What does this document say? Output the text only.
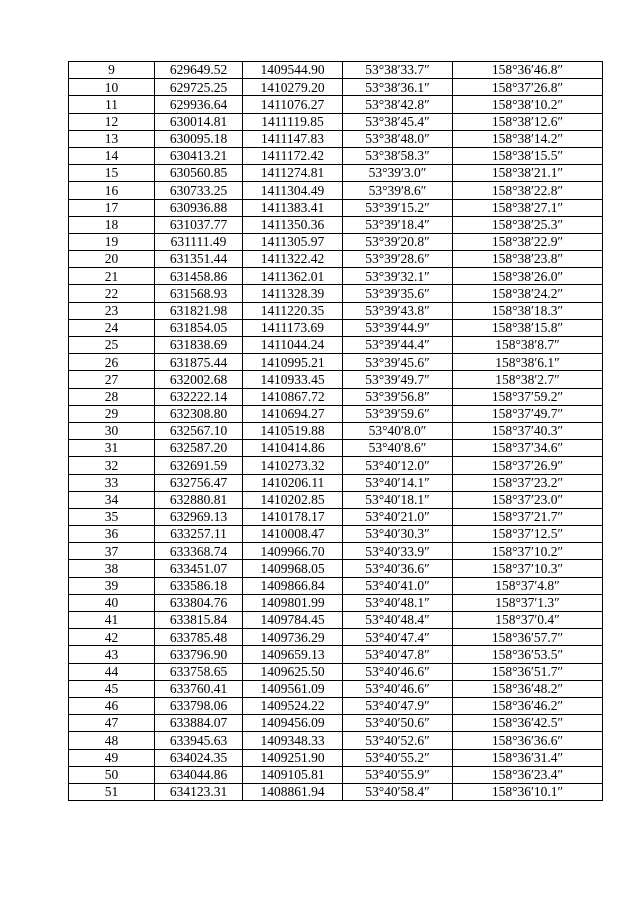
9	629649.52	1409544.90	53°38′33.7″	158°36′46.8″
10	629725.25	1410279.20	53°38′36.1″	158°37′26.8″
11	629936.64	1411076.27	53°38′42.8″	158°38′10.2″
12	630014.81	1411119.85	53°38′45.4″	158°38′12.6″
13	630095.18	1411147.83	53°38′48.0″	158°38′14.2″
14	630413.21	1411172.42	53°38′58.3″	158°38′15.5″
15	630560.85	1411274.81	53°39′3.0″	158°38′21.1″
16	630733.25	1411304.49	53°39′8.6″	158°38′22.8″
17	630936.88	1411383.41	53°39′15.2″	158°38′27.1″
18	631037.77	1411350.36	53°39′18.4″	158°38′25.3″
19	631111.49	1411305.97	53°39′20.8″	158°38′22.9″
20	631351.44	1411322.42	53°39′28.6″	158°38′23.8″
21	631458.86	1411362.01	53°39′32.1″	158°38′26.0″
22	631568.93	1411328.39	53°39′35.6″	158°38′24.2″
23	631821.98	1411220.35	53°39′43.8″	158°38′18.3″
24	631854.05	1411173.69	53°39′44.9″	158°38′15.8″
25	631838.69	1411044.24	53°39′44.4″	158°38′8.7″
26	631875.44	1410995.21	53°39′45.6″	158°38′6.1″
27	632002.68	1410933.45	53°39′49.7″	158°38′2.7″
28	632222.14	1410867.72	53°39′56.8″	158°37′59.2″
29	632308.80	1410694.27	53°39′59.6″	158°37′49.7″
30	632567.10	1410519.88	53°40′8.0″	158°37′40.3″
31	632587.20	1410414.86	53°40′8.6″	158°37′34.6″
32	632691.59	1410273.32	53°40′12.0″	158°37′26.9″
33	632756.47	1410206.11	53°40′14.1″	158°37′23.2″
34	632880.81	1410202.85	53°40′18.1″	158°37′23.0″
35	632969.13	1410178.17	53°40′21.0″	158°37′21.7″
36	633257.11	1410008.47	53°40′30.3″	158°37′12.5″
37	633368.74	1409966.70	53°40′33.9″	158°37′10.2″
38	633451.07	1409968.05	53°40′36.6″	158°37′10.3″
39	633586.18	1409866.84	53°40′41.0″	158°37′4.8″
40	633804.76	1409801.99	53°40′48.1″	158°37′1.3″
41	633815.84	1409784.45	53°40′48.4″	158°37′0.4″
42	633785.48	1409736.29	53°40′47.4″	158°36′57.7″
43	633796.90	1409659.13	53°40′47.8″	158°36′53.5″
44	633758.65	1409625.50	53°40′46.6″	158°36′51.7″
45	633760.41	1409561.09	53°40′46.6″	158°36′48.2″
46	633798.06	1409524.22	53°40′47.9″	158°36′46.2″
47	633884.07	1409456.09	53°40′50.6″	158°36′42.5″
48	633945.63	1409348.33	53°40′52.6″	158°36′36.6″
49	634024.35	1409251.90	53°40′55.2″	158°36′31.4″
50	634044.86	1409105.81	53°40′55.9″	158°36′23.4″
51	634123.31	1408861.94	53°40′58.4″	158°36′10.1″
